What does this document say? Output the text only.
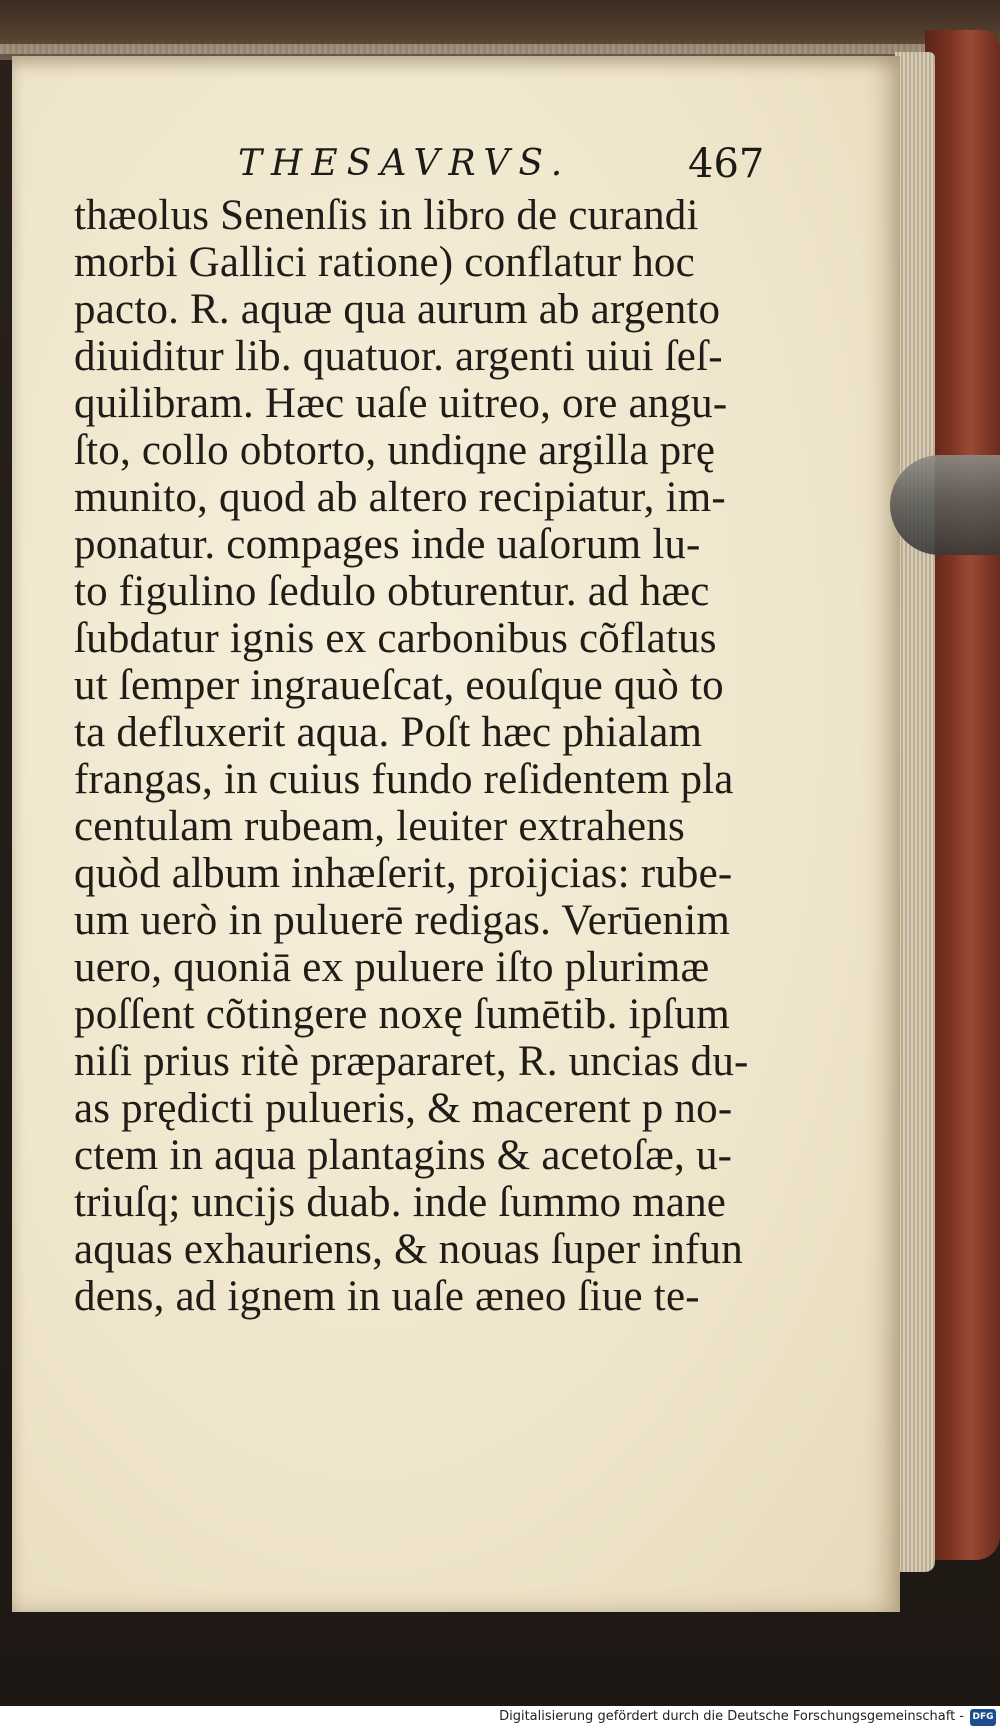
THESAVRVS.	467
thæolus Senenſis in libro de curandi
morbi Gallici ratione) conflatur hoc
pacto. R. aquæ qua aurum ab argento
diuiditur lib. quatuor. argenti uiui ſeſ-
quilibram. Hæc uaſe uitreo, ore angu-
ſto, collo obtorto, undiqne argilla prę
munito, quod ab altero recipiatur, im-
ponatur. compages inde uaſorum lu-
to figulino ſedulo obturentur. ad hæc
ſubdatur ignis ex carbonibus cõflatus
ut ſemper ingraueſcat, eouſque quò to
ta defluxerit aqua. Poſt hæc phialam
frangas, in cuius fundo reſidentem pla
centulam rubeam, leuiter extrahens
quòd album inhæſerit, proijcias: rube-
um uerò in puluerē redigas. Verūenim
uero, quoniā ex puluere iſto plurimæ
poſſent cõtingere noxę ſumētib. ipſum
niſi prius ritè præpararet, R. uncias du-
as prędicti pulueris, & macerent p no-
ctem in aqua plantagins & acetoſæ, u-
triuſq; uncijs duab. inde ſummo mane
aquas exhauriens, & nouas ſuper infun
dens, ad ignem in uaſe æneo ſiue te-
Digitalisierung gefördert durch die Deutsche Forschungsgemeinschaft - DFG
